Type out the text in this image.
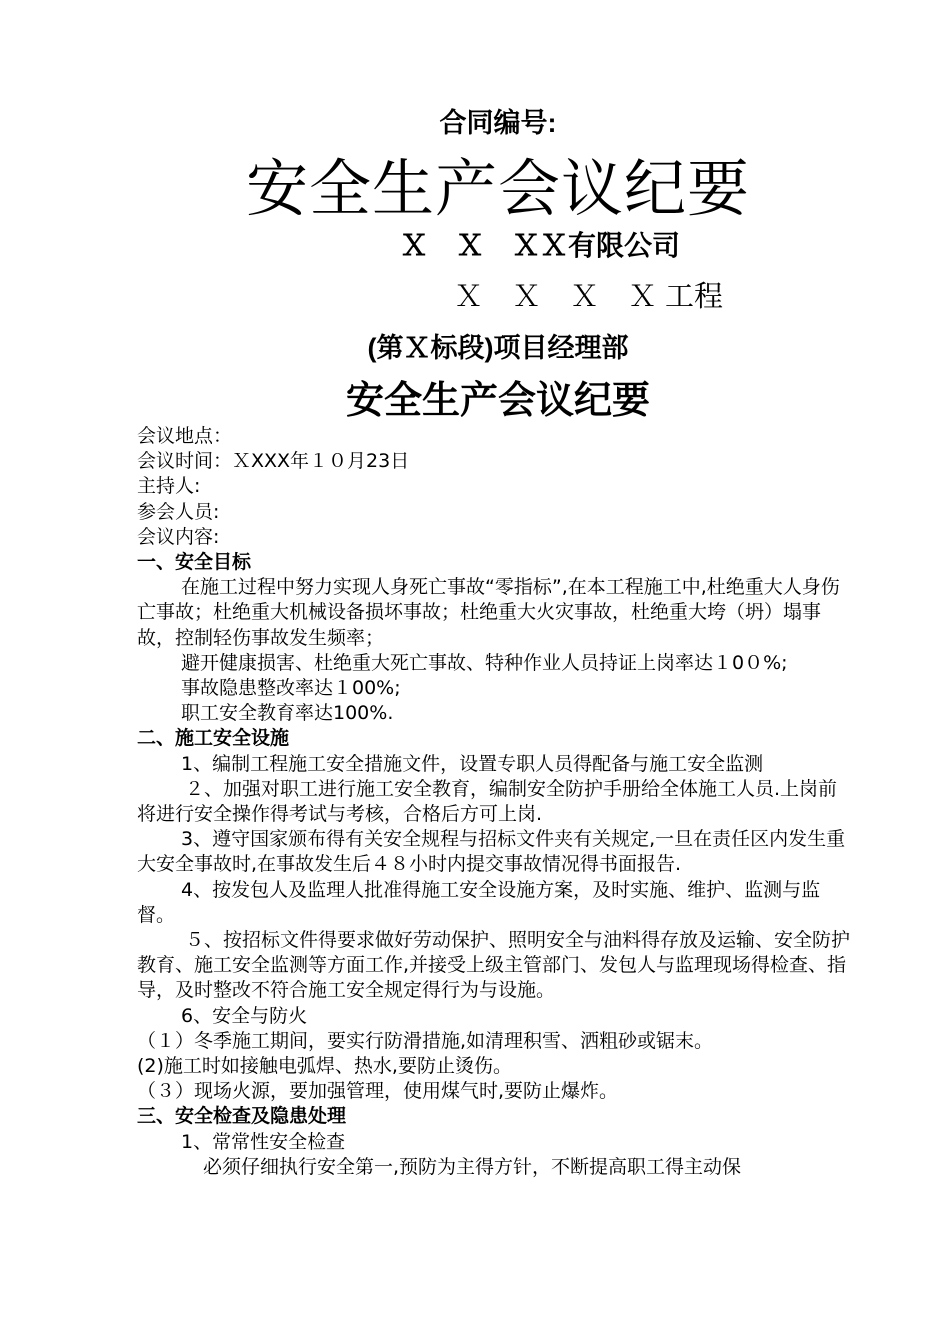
合同编号:
安全生产会议纪要
Ｘ　Ｘ　ＸＸ有限公司
Ｘ　Ｘ　Ｘ　Ｘ 工程
(第Ｘ标段)项目经理部
安全生产会议纪要

会议地点：

会议时间：ＸXXX年１０月23日

主持人:

参会人员:

会议内容:

一、安全目标

在施工过程中努力实现人身死亡事故“零指标”,在本工程施工中,杜绝重大人身伤亡事故；杜绝重大机械设备损坏事故；杜绝重大火灾事故，杜绝重大垮（坍）塌事故，控制轻伤事故发生频率；

避开健康损害、杜绝重大死亡事故、特种作业人员持证上岗率达１0０%;

事故隐患整改率达１00%;

职工安全教育率达100%.

二、施工安全设施

1、编制工程施工安全措施文件，设置专职人员得配备与施工安全监测

２、加强对职工进行施工安全教育，编制安全防护手册给全体施工人员.上岗前将进行安全操作得考试与考核，合格后方可上岗.

3、遵守国家颁布得有关安全规程与招标文件夹有关规定,一旦在责任区内发生重大安全事故时,在事故发生后４８小时内提交事故情况得书面报告.

4、按发包人及监理人批准得施工安全设施方案，及时实施、维护、监测与监督。

５、按招标文件得要求做好劳动保护、照明安全与油料得存放及运输、安全防护教育、施工安全监测等方面工作,并接受上级主管部门、发包人与监理现场得检查、指导，及时整改不符合施工安全规定得行为与设施。

6、安全与防火

（１）冬季施工期间，要实行防滑措施,如清理积雪、洒粗砂或锯末。

(2)施工时如接触电弧焊、热水,要防止烫伤。

（３）现场火源，要加强管理，使用煤气时,要防止爆炸。

三、安全检查及隐患处理

1、常常性安全检查

必须仔细执行安全第一,预防为主得方针，不断提高职工得主动保
